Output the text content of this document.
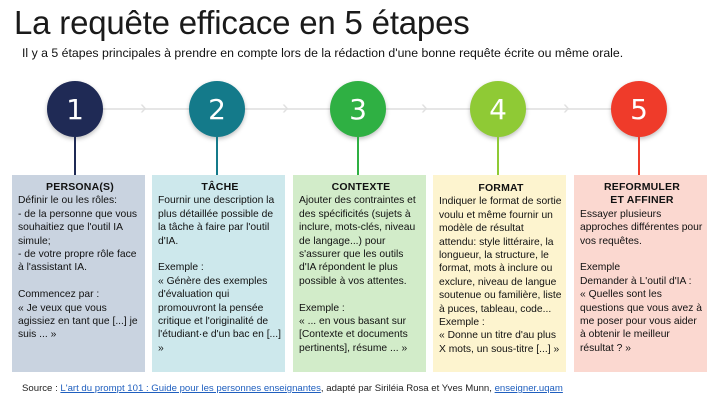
La requête efficace en 5 étapes
Il y a 5 étapes principales à prendre en compte lors de la rédaction d'une bonne requête écrite ou même orale.
›	›	›	›
1	2	3	4	5
PERSONA(S)

Définir le ou les rôles:
- de la personne que vous souhaitiez que l'outil IA simule;
- de votre propre rôle face à l'assistant IA.

Commencez par :
« Je veux que vous agissiez en tant que [...] je suis ... »

TÂCHE

Fournir une description la plus détaillée possible de la tâche à faire par l'outil d'IA.

Exemple :
« Génère des exemples d'évaluation qui promouvront la pensée critique et l'originalité de l'étudiant·e d'un bac en [...] »

CONTEXTE

Ajouter des contraintes et des spécificités (sujets à inclure, mots-clés, niveau de langage...) pour s'assurer que les outils d'IA répondent le plus possible à vos attentes.

Exemple :
« ... en vous basant sur [Contexte et documents pertinents], résume ... »

FORMAT

Indiquer le format de sortie voulu et même fournir un modèle de résultat attendu: style littéraire, la longueur, la structure, le format, mots à inclure ou exclure, niveau de langue soutenue ou familière, liste à puces, tableau, code...
Exemple :
« Donne un titre d'au plus X mots, un sous-titre [...] »

REFORMULER
ET AFFINER

Essayer plusieurs approches différentes pour vos requêtes.

Exemple
Demander à L'outil d'IA :
« Quelles sont les questions que vous avez à me poser pour vous aider à obtenir le meilleur résultat ? »

Source : L'art du prompt 101 : Guide pour les personnes enseignantes, adapté par Siriléia Rosa et Yves Munn, enseigner.uqam
